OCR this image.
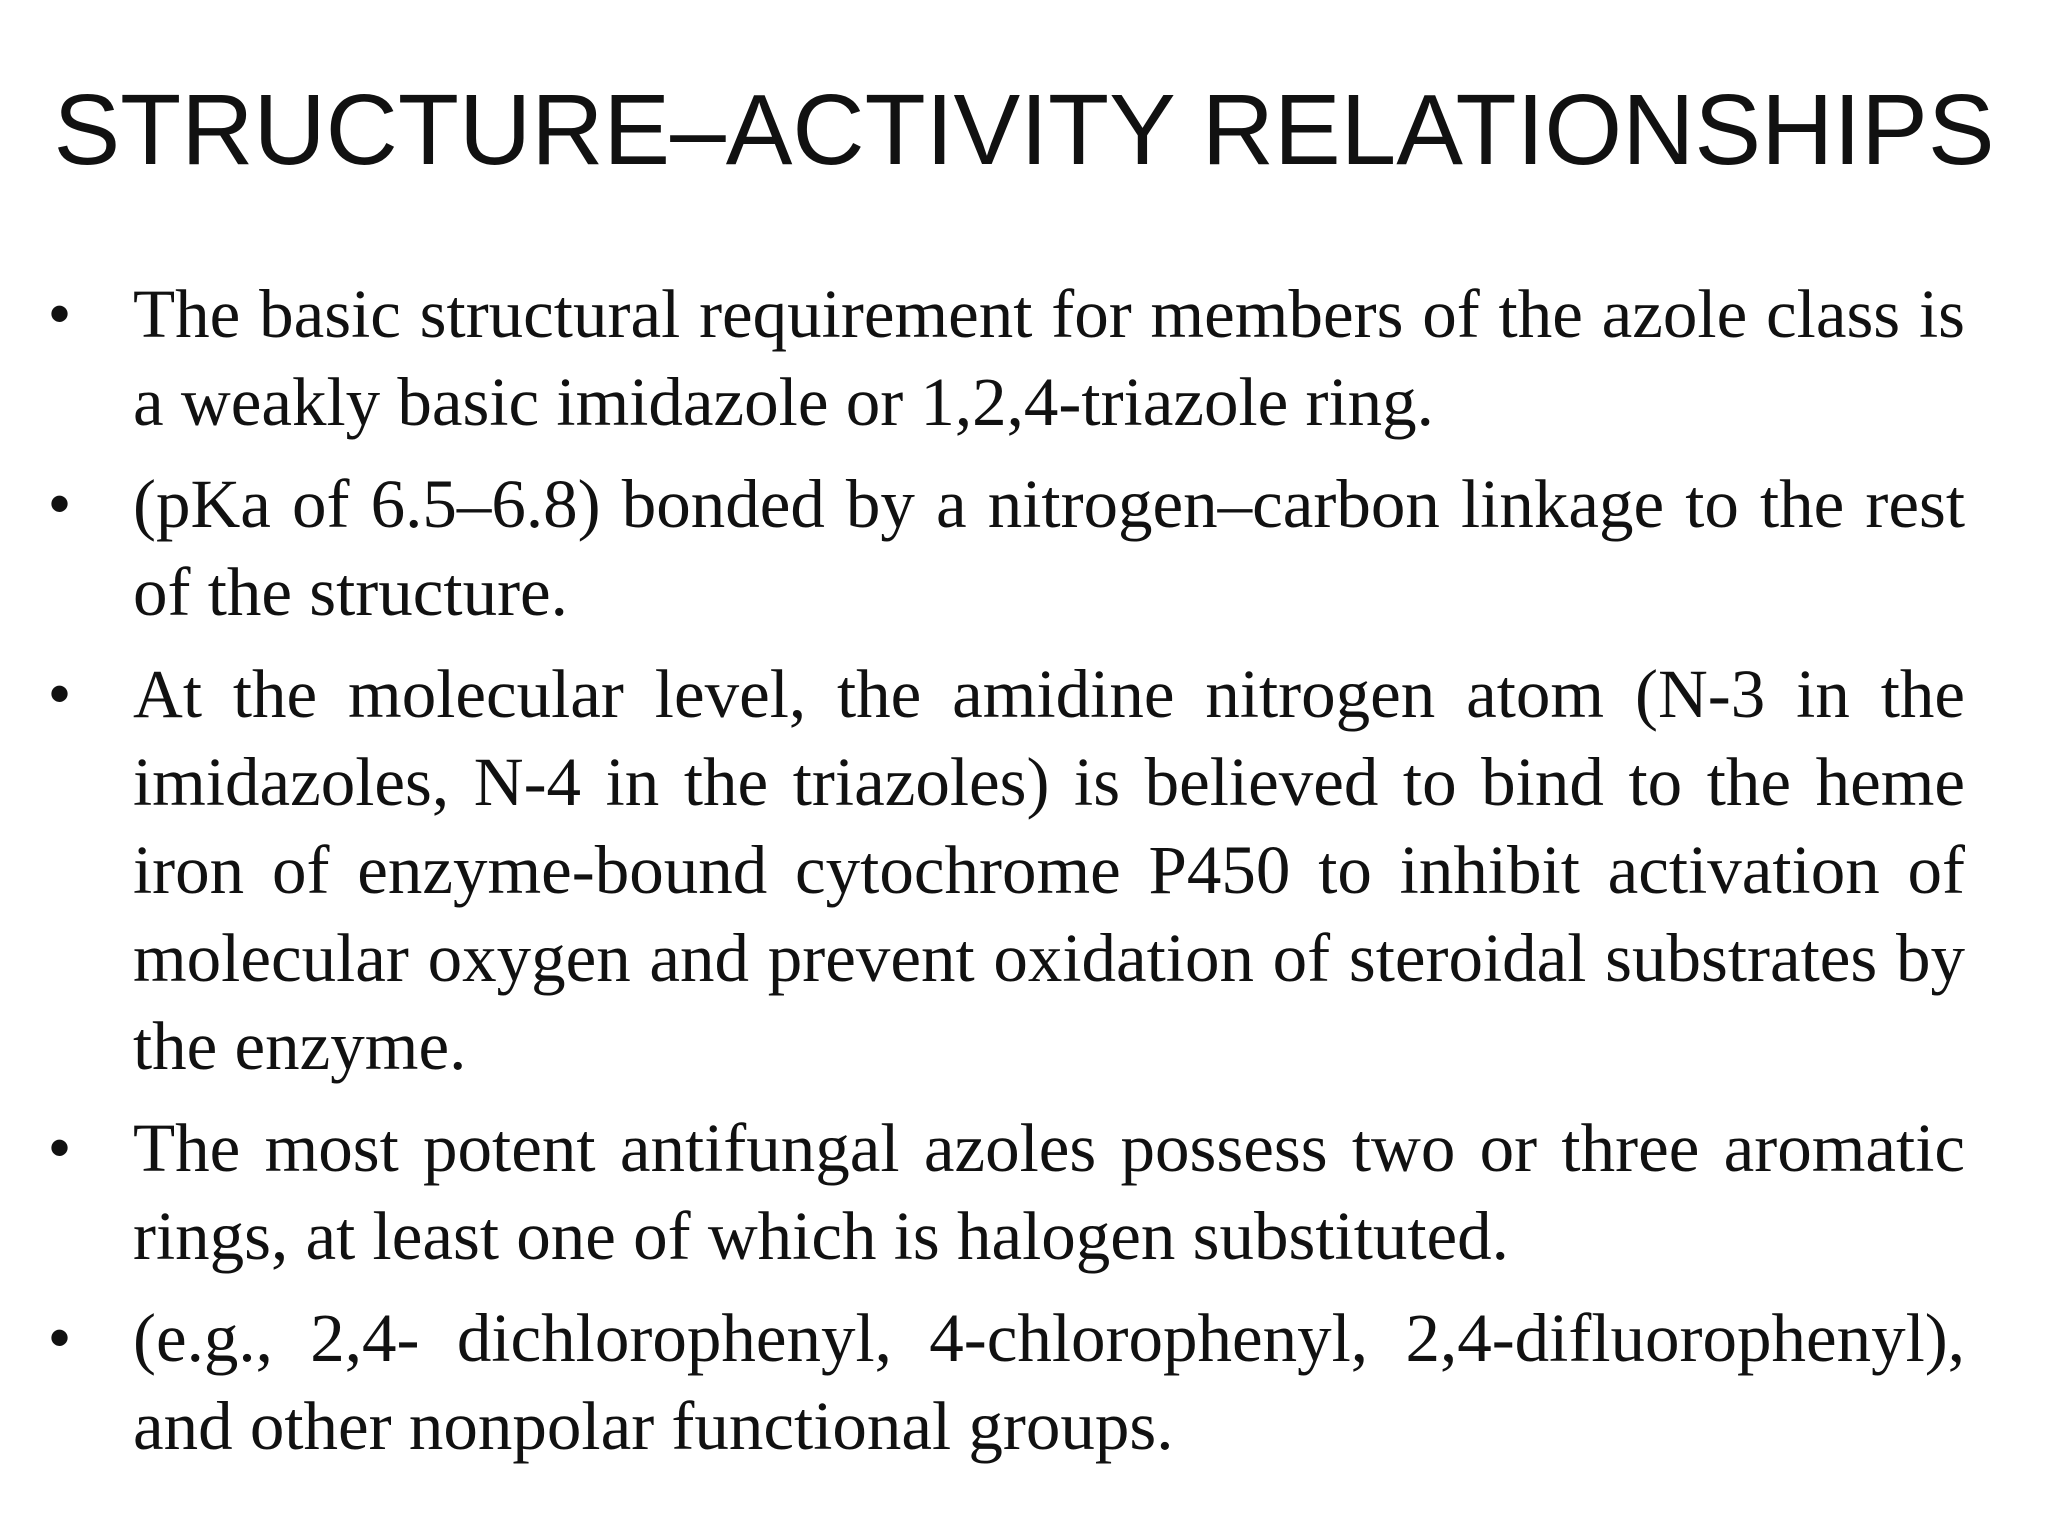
STRUCTURE–ACTIVITY RELATIONSHIPS
• The basic structural requirement for members of the azole class is a weakly basic imidazole or 1,2,4-triazole ring.
• (pKa of 6.5–6.8) bonded by a nitrogen–carbon linkage to the rest of the structure.
• At the molecular level, the amidine nitrogen atom (N-3 in the imidazoles, N-4 in the triazoles) is believed to bind to the heme iron of enzyme-bound cytochrome P450 to inhibit activation of molecular oxygen and prevent oxidation of steroidal substrates by the enzyme.
• The most potent antifungal azoles possess two or three aromatic rings, at least one of which is halogen substituted.
• (e.g., 2,4- dichlorophenyl, 4-chlorophenyl, 2,4-difluorophenyl), and other nonpolar functional groups.
